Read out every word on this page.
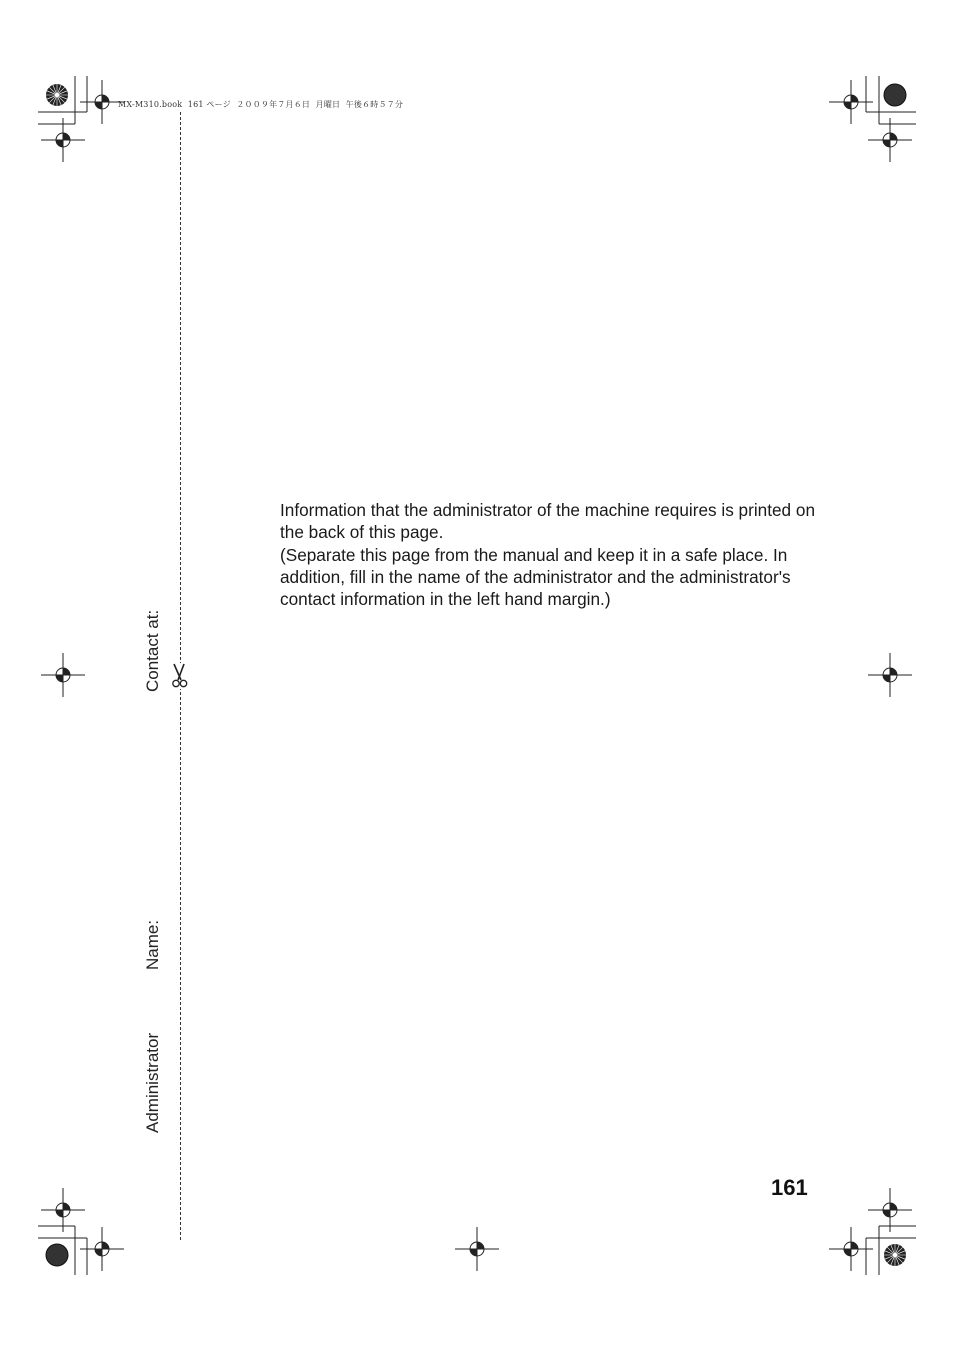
MX-M310.book  161 ページ  ２００９年７月６日  月曜日  午後６時５７分
Administrator
Name:
Contact at:

Information that the administrator of the machine requires is printed on the back of this page.

(Separate this page from the manual and keep it in a safe place. In addition, fill in the name of the administrator and the administrator's contact information in the left hand margin.)

161
